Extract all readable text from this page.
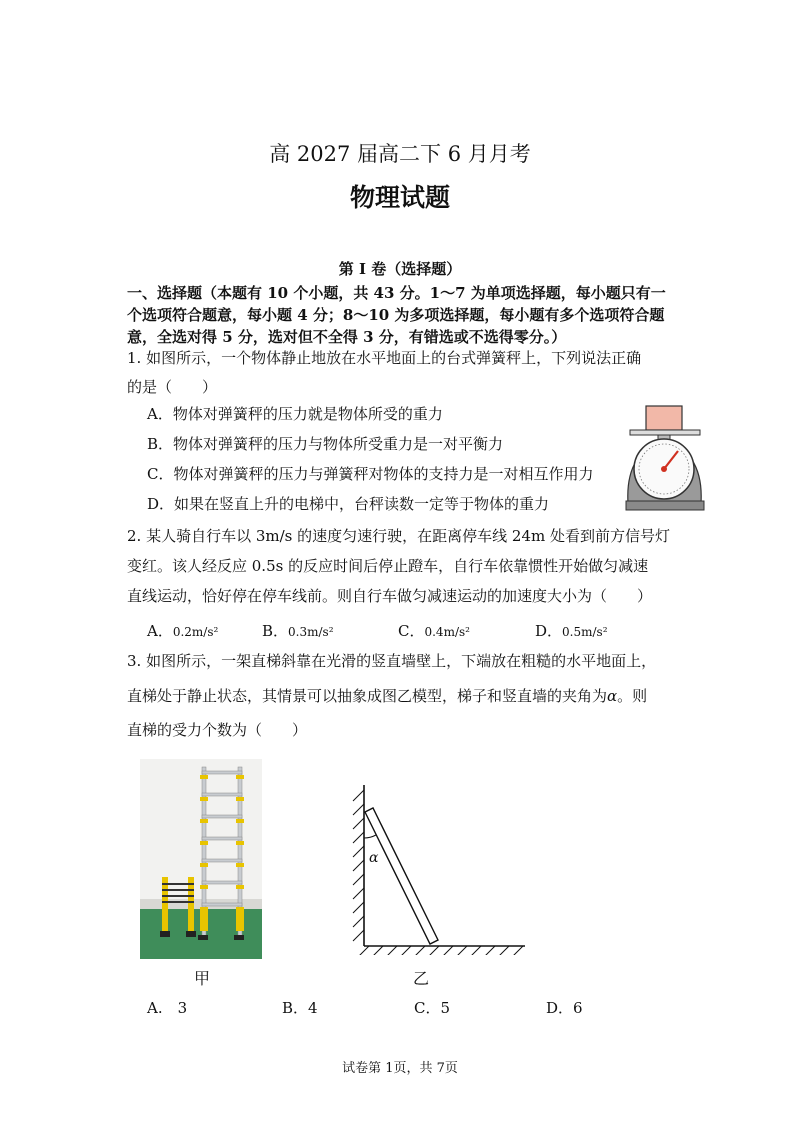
高 2027 届高二下 6 月月考
物理试题
第 I 卷（选择题）
一、选择题（本题有 10 个小题，共 43 分。1～7 为单项选择题，每小题只有一
个选项符合题意，每小题 4 分；8～10 为多项选择题，每小题有多个选项符合题
意，全选对得 5 分，选对但不全得 3 分，有错选或不选得零分。）
1. 如图所示，一个物体静止地放在水平地面上的台式弹簧秤上，下列说法正确
的是（　　）
A．物体对弹簧秤的压力就是物体所受的重力
B．物体对弹簧秤的压力与物体所受重力是一对平衡力
C．物体对弹簧秤的压力与弹簧秤对物体的支持力是一对相互作用力
D．如果在竖直上升的电梯中，台秤读数一定等于物体的重力
2. 某人骑自行车以 3m/s 的速度匀速行驶，在距离停车线 24m 处看到前方信号灯
变红。该人经反应 0.5s 的反应时间后停止蹬车，自行车依靠惯性开始做匀减速
直线运动，恰好停在停车线前。则自行车做匀减速运动的加速度大小为（　　）
A．0.2m/s²	B．0.3m/s²	C．0.4m/s²	D．0.5m/s²
3. 如图所示，一架直梯斜靠在光滑的竖直墙壁上，下端放在粗糙的水平地面上，
直梯处于静止状态，其情景可以抽象成图乙模型，梯子和竖直墙的夹角为α。则
直梯的受力个数为（　　）
甲
α
乙
A.　3	B．4	C．5	D．6
试卷第 1页，共 7页
